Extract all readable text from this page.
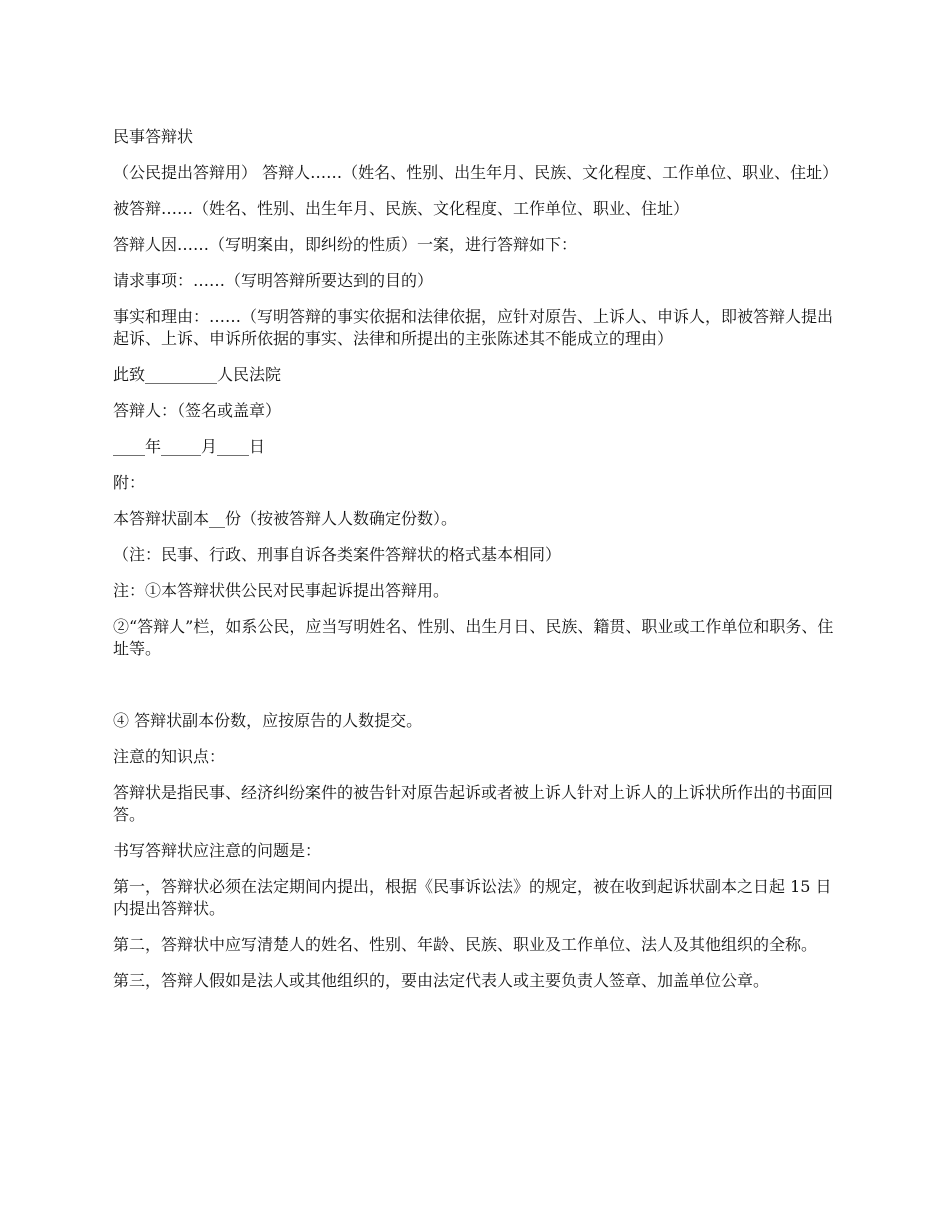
民事答辩状

（公民提出答辩用） 答辩人……（姓名、性别、出生年月、民族、文化程度、工作单位、职业、住址）

被答辩……（姓名、性别、出生年月、民族、文化程度、工作单位、职业、住址）

答辩人因……（写明案由，即纠纷的性质）一案，进行答辩如下：

请求事项：……（写明答辩所要达到的目的）

事实和理由：……（写明答辩的事实依据和法律依据，应针对原告、上诉人、申诉人，即被答辩人提出起诉、上诉、申诉所依据的事实、法律和所提出的主张陈述其不能成立的理由）

此致_________人民法院

答辩人：（签名或盖章）

____年_____月____日

附：

本答辩状副本__份（按被答辩人人数确定份数）。

（注：民事、行政、刑事自诉各类案件答辩状的格式基本相同）

注：①本答辩状供公民对民事起诉提出答辩用。

②“答辩人”栏，如系公民，应当写明姓名、性别、出生月日、民族、籍贯、职业或工作单位和职务、住址等。

④ 答辩状副本份数，应按原告的人数提交。

注意的知识点：

答辩状是指民事、经济纠纷案件的被告针对原告起诉或者被上诉人针对上诉人的上诉状所作出的书面回答。

书写答辩状应注意的问题是：

第一，答辩状必须在法定期间内提出，根据《民事诉讼法》的规定，被在收到起诉状副本之日起 15 日内提出答辩状。

第二，答辩状中应写清楚人的姓名、性别、年龄、民族、职业及工作单位、法人及其他组织的全称。

第三，答辩人假如是法人或其他组织的，要由法定代表人或主要负责人签章、加盖单位公章。
